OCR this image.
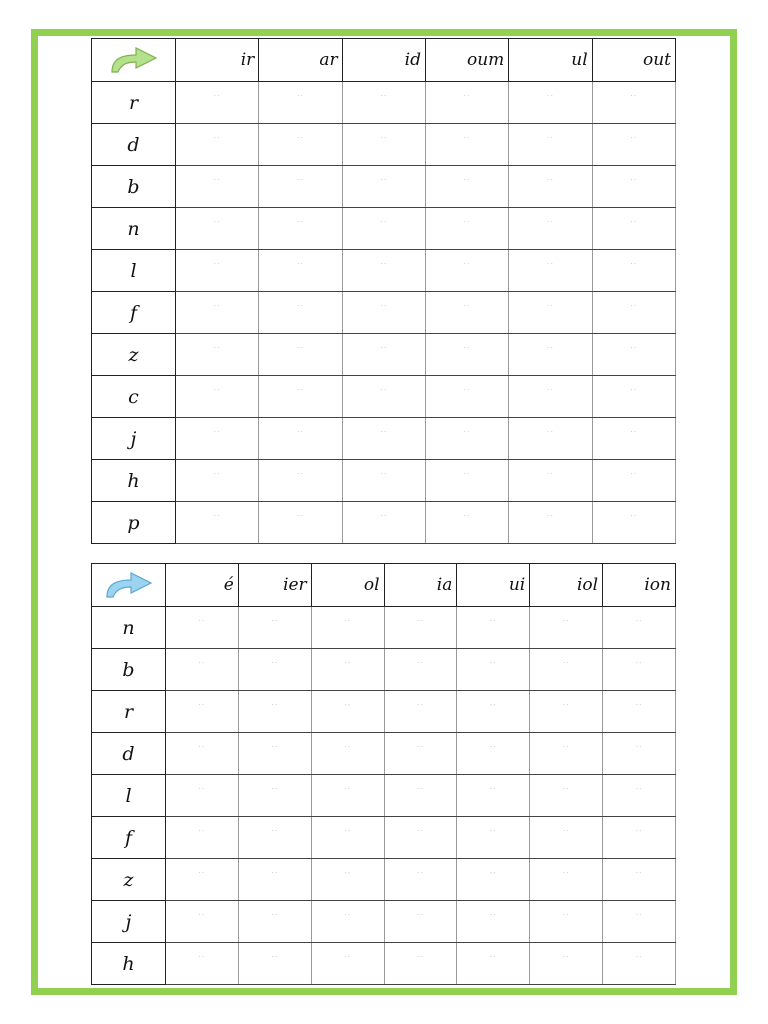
	ir	ar	id	oum	ul	out
r	..	..	..	..	..	..

d	..	..	..	..	..	..

b	..	..	..	..	..	..

n	..	..	..	..	..	..

l	..	..	..	..	..	..

f	..	..	..	..	..	..

z	..	..	..	..	..	..

c	..	..	..	..	..	..

j	..	..	..	..	..	..

h	..	..	..	..	..	..

p	..	..	..	..	..	..
	é	ier	ol	ia	ui	iol	ion
n	..	..	..	..	..	..	..

b	..	..	..	..	..	..	..

r	..	..	..	..	..	..	..

d	..	..	..	..	..	..	..

l	..	..	..	..	..	..	..

f	..	..	..	..	..	..	..

z	..	..	..	..	..	..	..

j	..	..	..	..	..	..	..

h	..	..	..	..	..	..	..
